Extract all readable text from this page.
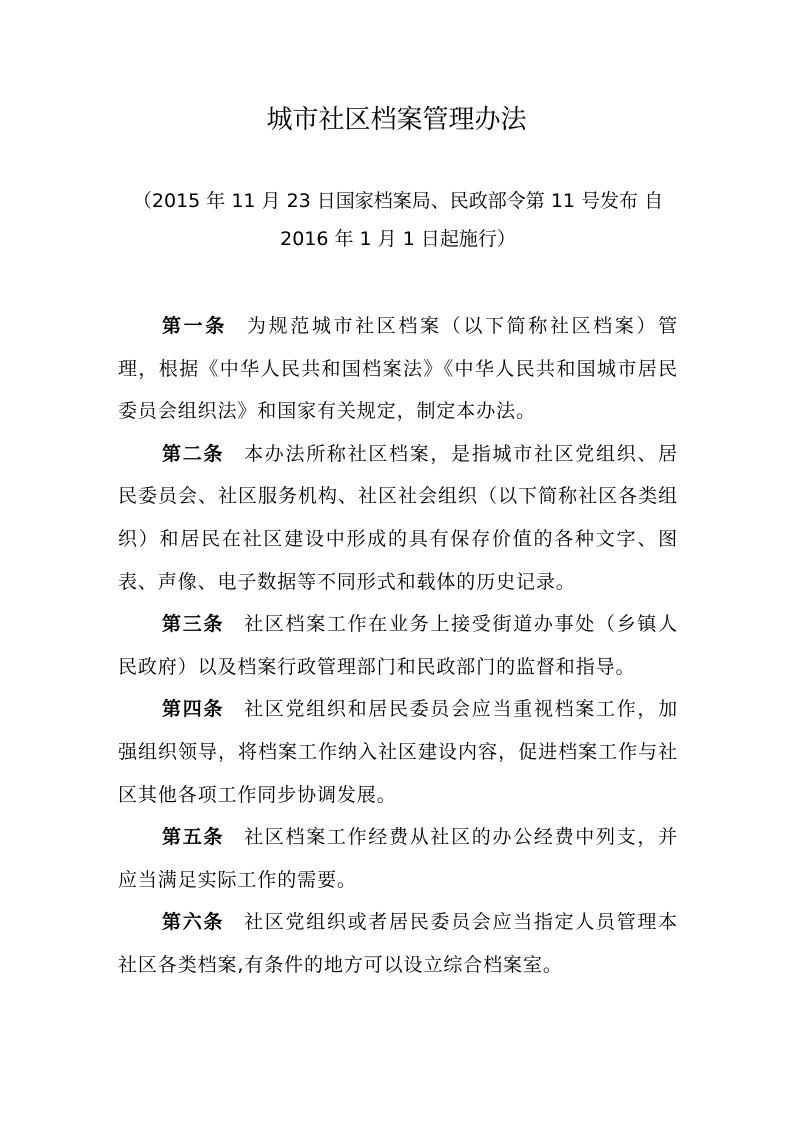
城市社区档案管理办法
（2015 年 11 月 23 日国家档案局、民政部令第 11 号发布 自
2016 年 1 月 1 日起施行）

第一条 为规范城市社区档案（以下简称社区档案）管理，根据《中华人民共和国档案法》《中华人民共和国城市居民委员会组织法》和国家有关规定，制定本办法。

第二条 本办法所称社区档案，是指城市社区党组织、居民委员会、社区服务机构、社区社会组织（以下简称社区各类组织）和居民在社区建设中形成的具有保存价值的各种文字、图表、声像、电子数据等不同形式和载体的历史记录。

第三条 社区档案工作在业务上接受街道办事处（乡镇人民政府）以及档案行政管理部门和民政部门的监督和指导。

第四条 社区党组织和居民委员会应当重视档案工作，加强组织领导，将档案工作纳入社区建设内容，促进档案工作与社区其他各项工作同步协调发展。

第五条 社区档案工作经费从社区的办公经费中列支，并应当满足实际工作的需要。

第六条 社区党组织或者居民委员会应当指定人员管理本社区各类档案,有条件的地方可以设立综合档案室。
